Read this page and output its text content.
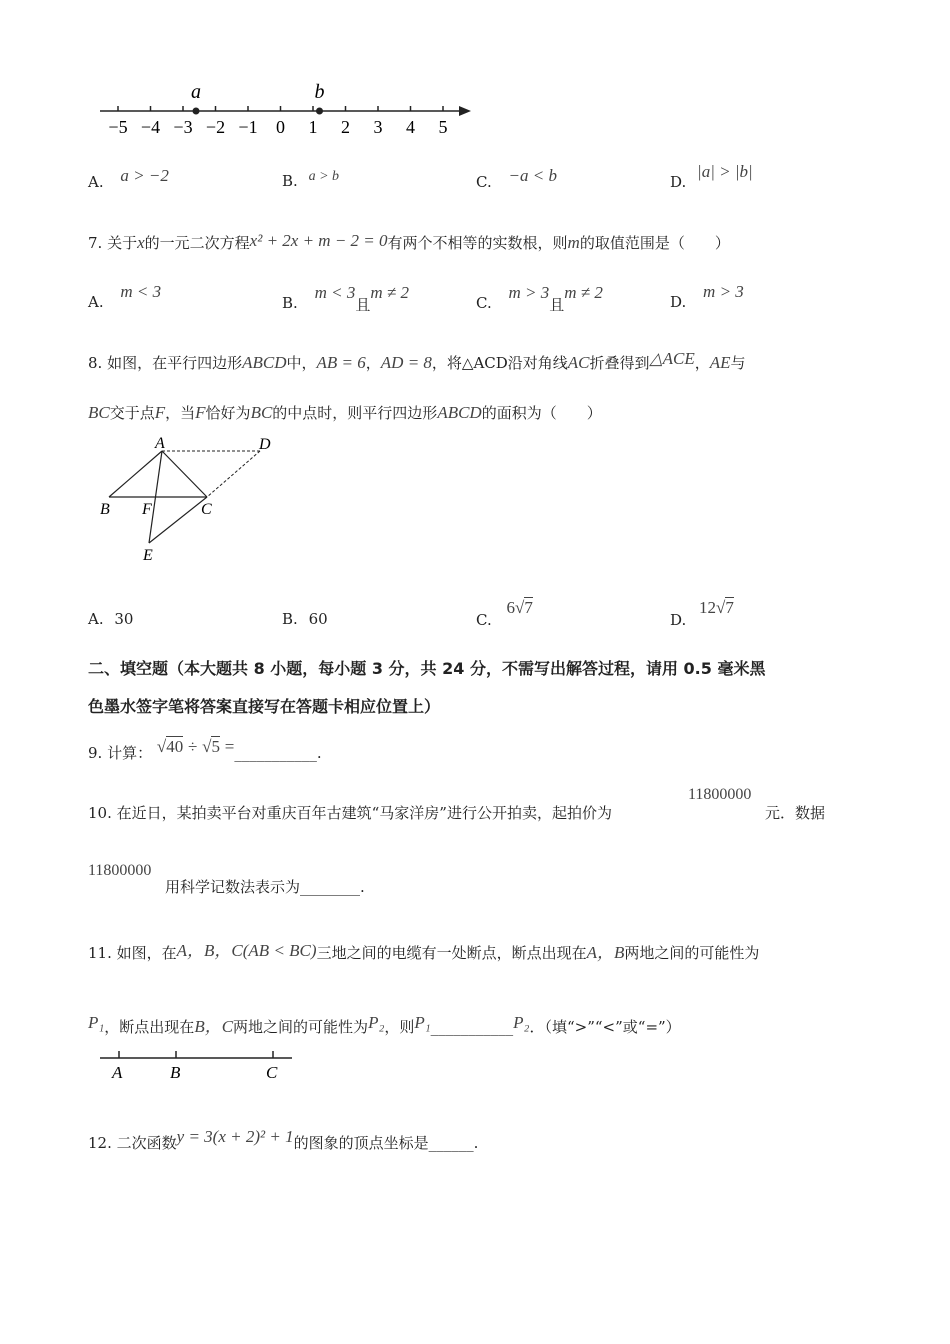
−5 −4 −3 −2 −1 0 1 2 3 4 5
a	b
A. a > −2	B. a > b	C. −a < b	D. |a| > |b|
7. 关于x的一元二次方程x² + 2x + m − 2 = 0有两个不相等的实数根，则m的取值范围是（　　）
A. m < 3
B. m < 3且m ≠ 2
C. m > 3且m ≠ 2	D. m > 3
8. 如图，在平行四边形ABCD中，AB = 6，AD = 8，将△ACD沿对角线AC折叠得到△ACE，AE与
BC交于点F，当F恰好为BC的中点时，则平行四边形ABCD的面积为（　　）
A	D
B F	C
E
A. 30	B. 60	C. 6√7
D. 12√7
二、填空题（本大题共 8 小题，每小题 3 分，共 24 分，不需写出解答过程，请用 0.5 毫米黑
色墨水签字笔将答案直接写在答题卡相应位置上）
9. 计算： √40 ÷ √5 =___________.
10. 在近日，某拍卖平台对重庆百年古建筑“马家洋房”进行公开拍卖，起拍价为
11800000
元．数据
11800000
用科学记数法表示为________.
11. 如图，在A，B，C(AB < BC)三地之间的电缆有一处断点，断点出现在A，B两地之间的可能性为
P₁，断点出现在B，C两地之间的可能性为P₂，则P₁___________P₂．（填“>”“<”或“=”）
A	B	C
12. 二次函数y = 3(x + 2)² + 1的图象的顶点坐标是______.
